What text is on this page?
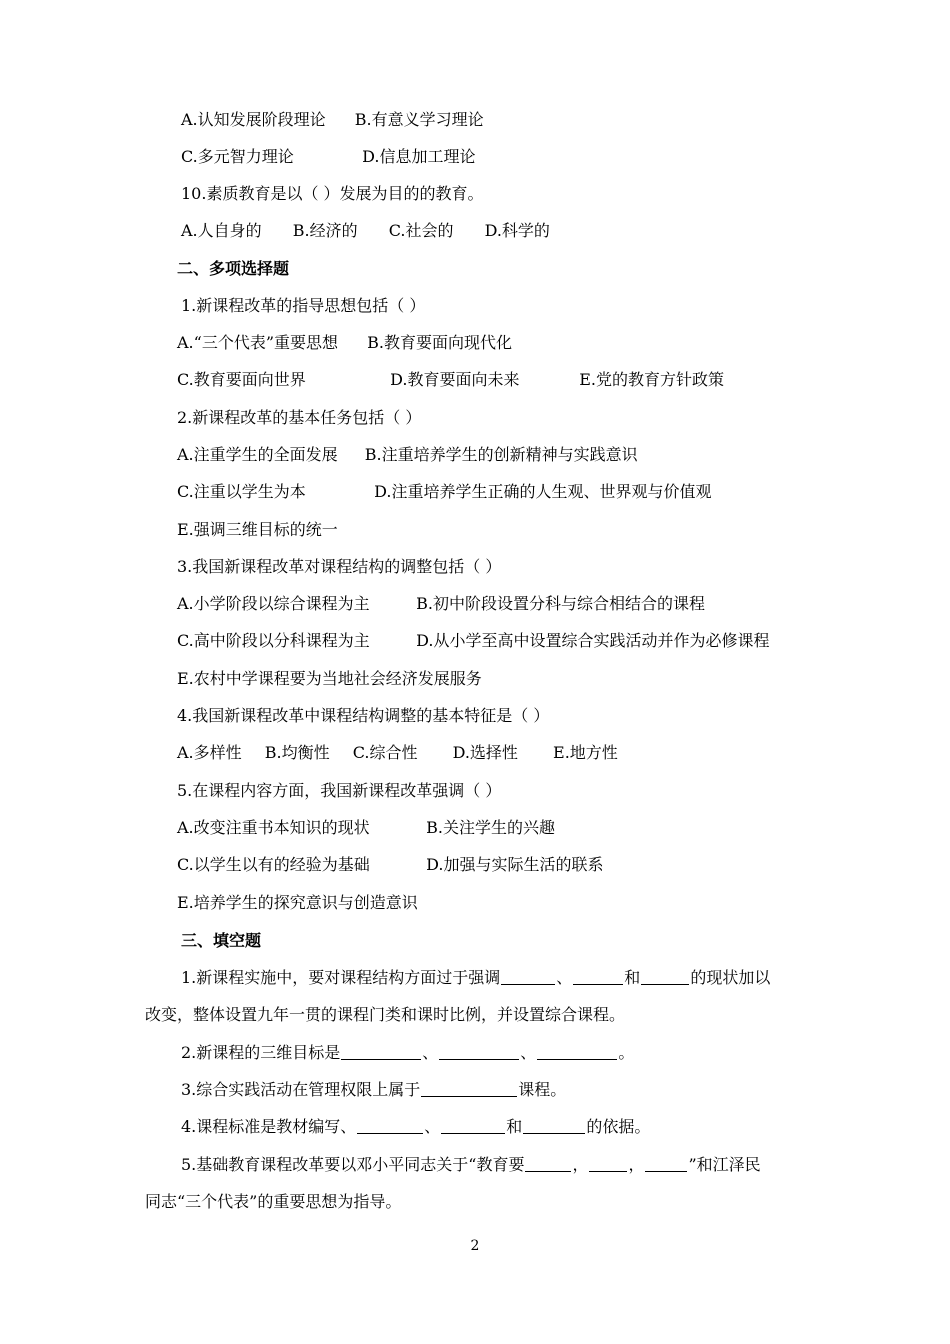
A.认知发展阶段理论 B.有意义学习理论
C.多元智力理论	D.信息加工理论
10.素质教育是以（ ）发展为目的的教育。
A.人自身的 B.经济的 C.社会的 D.科学的
二、多项选择题
1.新课程改革的指导思想包括（ ）
A.“三个代表”重要思想 B.教育要面向现代化
C.教育要面向世界	D.教育要面向未来	E.党的教育方针政策
2.新课程改革的基本任务包括（ ）
A.注重学生的全面发展 B.注重培养学生的创新精神与实践意识
C.注重以学生为本	D.注重培养学生正确的人生观、世界观与价值观
E.强调三维目标的统一
3.我国新课程改革对课程结构的调整包括（ ）
A.小学阶段以综合课程为主	B.初中阶段设置分科与综合相结合的课程
C.高中阶段以分科课程为主	D.从小学至高中设置综合实践活动并作为必修课程
E.农村中学课程要为当地社会经济发展服务
4.我国新课程改革中课程结构调整的基本特征是（ ）
A.多样性 B.均衡性 C.综合性 D.选择性 E.地方性
5.在课程内容方面，我国新课程改革强调（ ）
A.改变注重书本知识的现状	B.关注学生的兴趣
C.以学生以有的经验为基础	D.加强与实际生活的联系
E.培养学生的探究意识与创造意识
三、填空题
1.新课程实施中，要对课程结构方面过于强调	、	和	的现状加以
改变，整体设置九年一贯的课程门类和课时比例，并设置综合课程。
2.新课程的三维目标是	、	、	。
3.综合实践活动在管理权限上属于	课程。
4.课程标准是教材编写、	、	和	的依据。
5.基础教育课程改革要以邓小平同志关于“教育要	，	，	”和江泽民
同志“三个代表”的重要思想为指导。
2
